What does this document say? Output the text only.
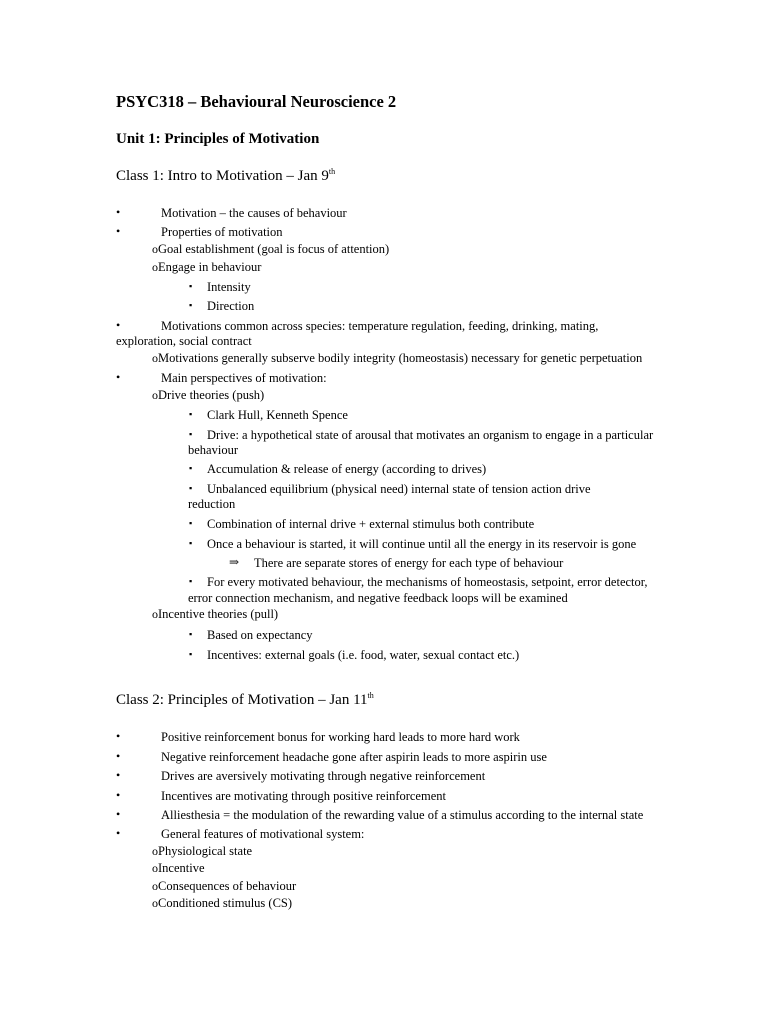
PSYC318 – Behavioural Neuroscience 2
Unit 1: Principles of Motivation
Class 1: Intro to Motivation – Jan 9th
•	Motivation – the causes of behaviour
•	Properties of motivation
oGoal establishment (goal is focus of attention)
oEngage in behaviour
▪ Intensity
▪ Direction
•	Motivations common across species: temperature regulation, feeding, drinking, mating,
exploration, social contract
oMotivations generally subserve bodily integrity (homeostasis) necessary for genetic perpetuation
•	Main perspectives of motivation:
oDrive theories (push)
▪ Clark Hull, Kenneth Spence
▪ Drive: a hypothetical state of arousal that motivates an organism to engage in a particular
behaviour
▪ Accumulation & release of energy (according to drives)
▪ Unbalanced equilibrium (physical need) internal state of tension action drive
reduction
▪ Combination of internal drive + external stimulus both contribute
▪ Once a behaviour is started, it will continue until all the energy in its reservoir is gone
⇒ There are separate stores of energy for each type of behaviour
▪ For every motivated behaviour, the mechanisms of homeostasis, setpoint, error detector,
error connection mechanism, and negative feedback loops will be examined
oIncentive theories (pull)
▪ Based on expectancy
▪ Incentives: external goals (i.e. food, water, sexual contact etc.)
Class 2: Principles of Motivation – Jan 11th
•	Positive reinforcement bonus for working hard leads to more hard work
•	Negative reinforcement headache gone after aspirin leads to more aspirin use
•	Drives are aversively motivating through negative reinforcement
•	Incentives are motivating through positive reinforcement
•	Alliesthesia = the modulation of the rewarding value of a stimulus according to the internal state
•	General features of motivational system:
oPhysiological state
oIncentive
oConsequences of behaviour
oConditioned stimulus (CS)
